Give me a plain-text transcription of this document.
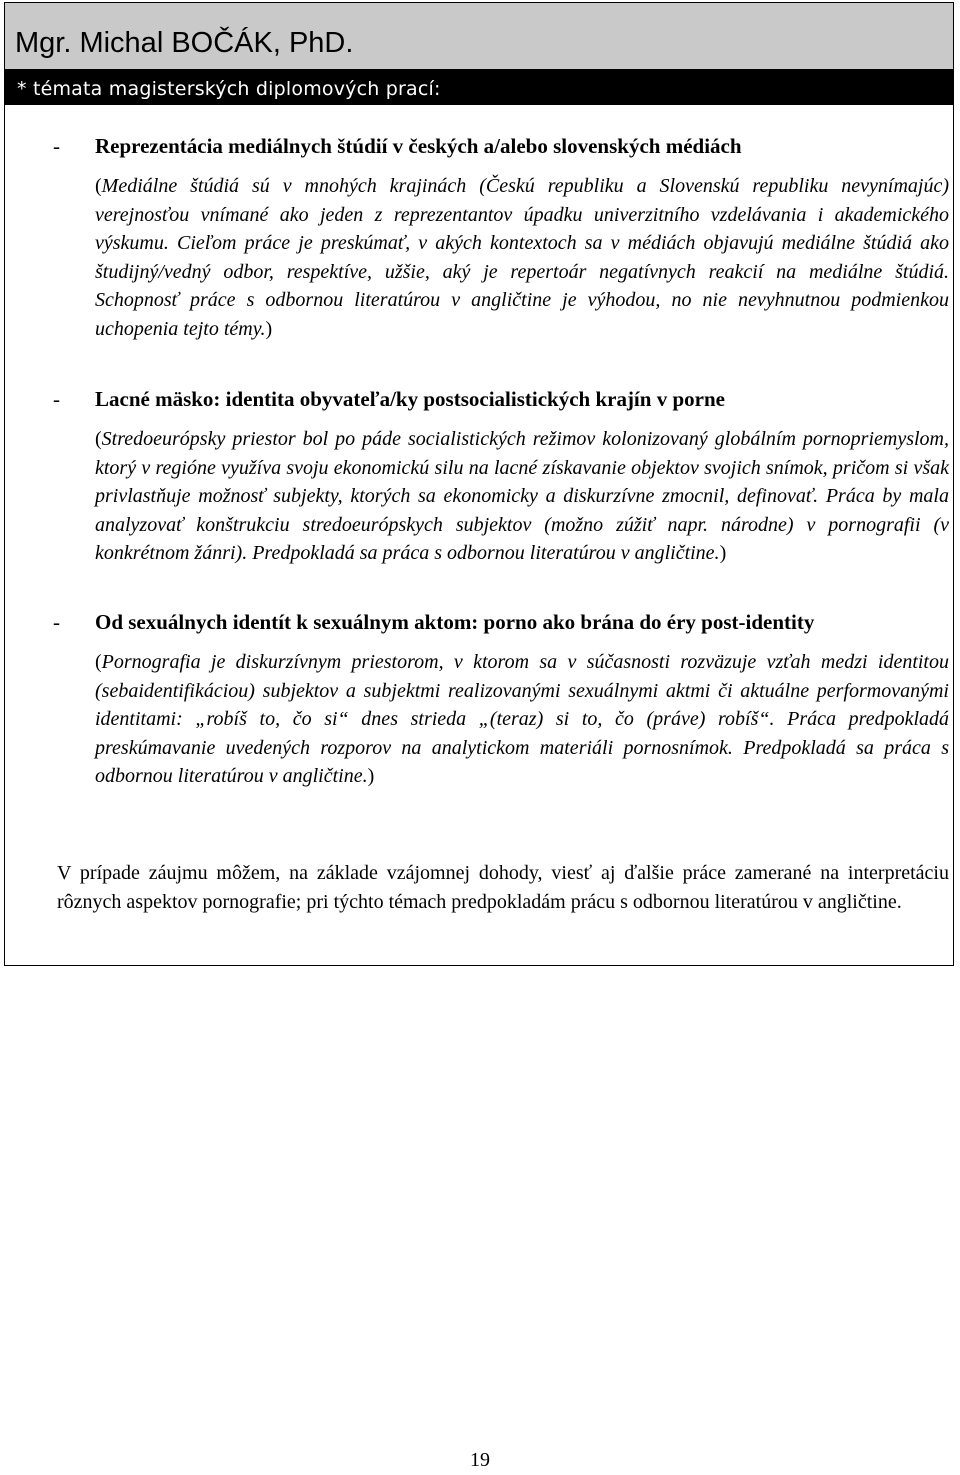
Mgr. Michal BOČÁK, PhD.
* témata magisterských diplomových prací:
- Reprezentácia mediálnych štúdií v českých a/alebo slovenských médiách
(Mediálne štúdiá sú v mnohých krajinách (Českú republiku a Slovenskú republiku nevynímajúc) verejnosťou vnímané ako jeden z reprezentantov úpadku univerzitního vzdelávania i akademického výskumu. Cieľom práce je preskúmať, v akých kontextoch sa v médiách objavujú mediálne štúdiá ako študijný/vedný odbor, respektíve, užšie, aký je repertoár negatívnych reakcií na mediálne štúdiá. Schopnosť práce s odbornou literatúrou v angličtine je výhodou, no nie nevyhnutnou podmienkou uchopenia tejto témy.)
- Lacné mäsko: identita obyvateľa/ky postsocialistických krajín v porne
(Stredoeurópsky priestor bol po páde socialistických režimov kolonizovaný globálním pornopriemyslom, ktorý v regióne využíva svoju ekonomickú silu na lacné získavanie objektov svojich snímok, pričom si však privlastňuje možnosť subjekty, ktorých sa ekonomicky a diskurzívne zmocnil, definovať. Práca by mala analyzovať konštrukciu stredoeurópskych subjektov (možno zúžiť napr. národne) v pornografii (v konkrétnom žánri). Predpokladá sa práca s odbornou literatúrou v angličtine.)
- Od sexuálnych identít k sexuálnym aktom: porno ako brána do éry post-identity
(Pornografia je diskurzívnym priestorom, v ktorom sa v súčasnosti rozväzuje vzťah medzi identitou (sebaidentifikáciou) subjektov a subjektmi realizovanými sexuálnymi aktmi či aktuálne performovanými identitami: „robíš to, čo si“ dnes strieda „(teraz) si to, čo (práve) robíš“. Práca predpokladá preskúmavanie uvedených rozporov na analytickom materiáli pornosnímok. Predpokladá sa práca s odbornou literatúrou v angličtine.)
V prípade záujmu môžem, na základe vzájomnej dohody, viesť aj ďalšie práce zamerané na interpretáciu rôznych aspektov pornografie; pri týchto témach predpokladám prácu s odbornou literatúrou v angličtine.
19
